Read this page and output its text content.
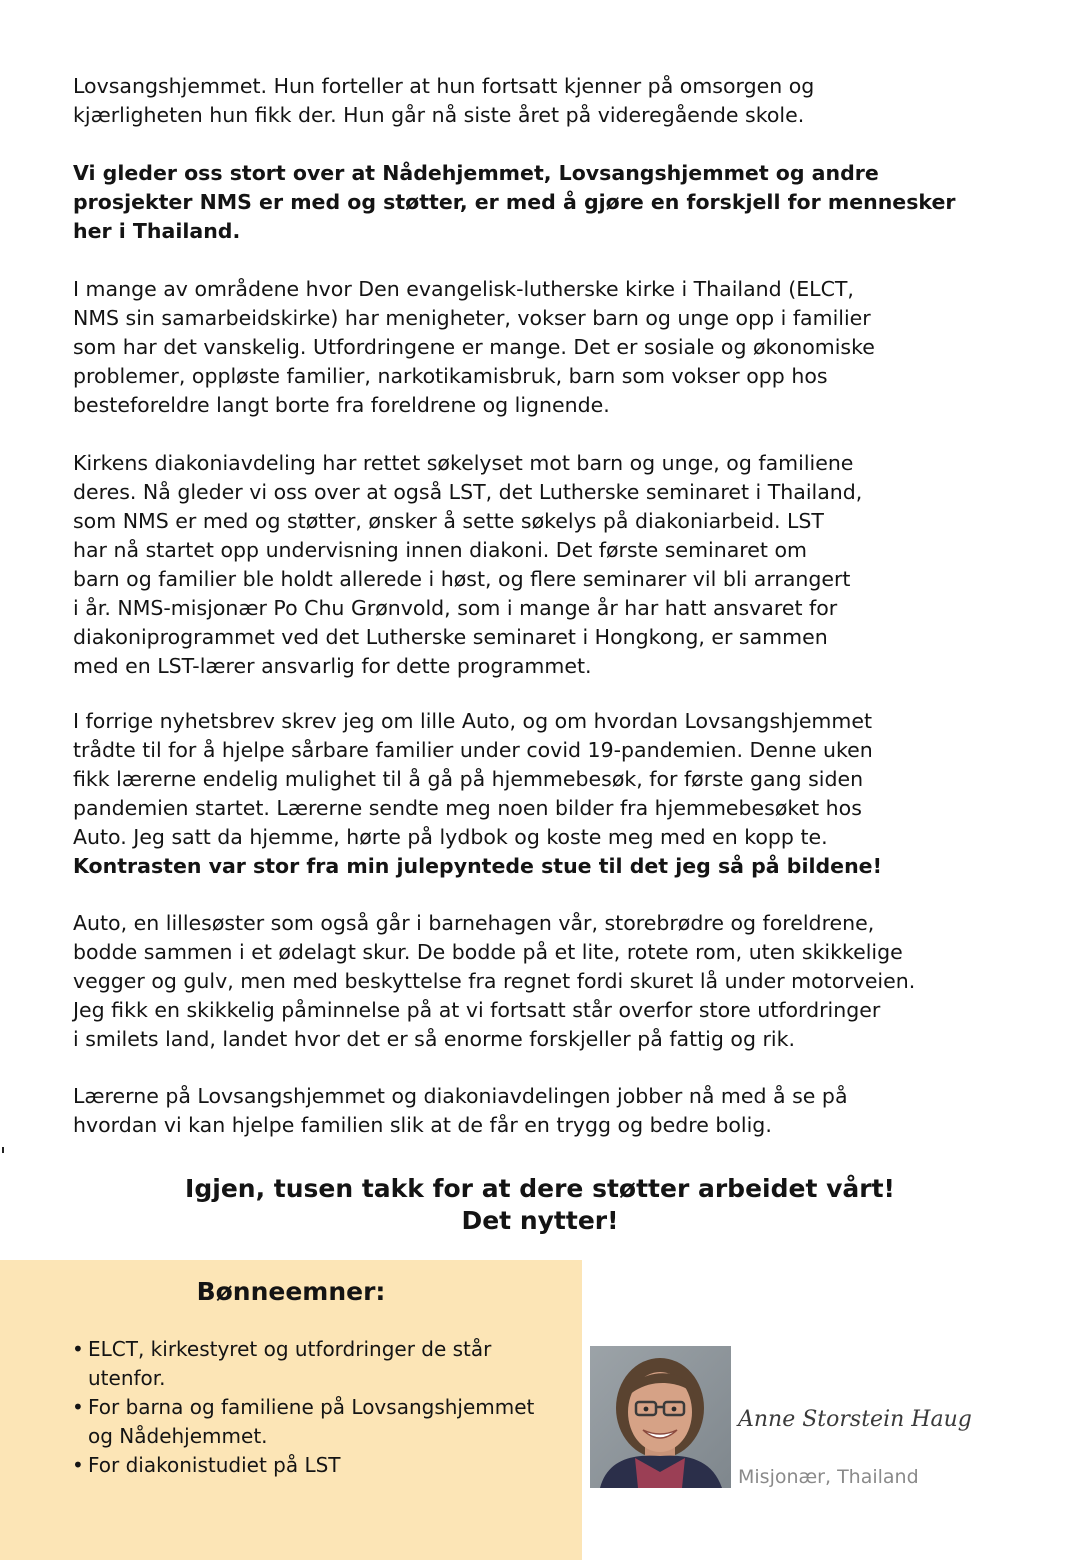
Lovsangshjemmet. Hun forteller at hun fortsatt kjenner på omsorgen og
kjærligheten hun fikk der. Hun går nå siste året på videregående skole.

Vi gleder oss stort over at Nådehjemmet, Lovsangshjemmet og andre
prosjekter NMS er med og støtter, er med å gjøre en forskjell for mennesker
her i Thailand.

I mange av områdene hvor Den evangelisk-lutherske kirke i Thailand (ELCT,
NMS sin samarbeidskirke) har menigheter, vokser barn og unge opp i familier
som har det vanskelig. Utfordringene er mange. Det er sosiale og økonomiske
problemer, oppløste familier, narkotikamisbruk, barn som vokser opp hos
besteforeldre langt borte fra foreldrene og lignende.

Kirkens diakoniavdeling har rettet søkelyset mot barn og unge, og familiene
deres. Nå gleder vi oss over at også LST, det Lutherske seminaret i Thailand,
som NMS er med og støtter, ønsker å sette søkelys på diakoniarbeid. LST
har nå startet opp undervisning innen diakoni. Det første seminaret om
barn og familier ble holdt allerede i høst, og flere seminarer vil bli arrangert
i år. NMS-misjonær Po Chu Grønvold, som i mange år har hatt ansvaret for
diakoniprogrammet ved det Lutherske seminaret i Hongkong, er sammen
med en LST-lærer ansvarlig for dette programmet.

I forrige nyhetsbrev skrev jeg om lille Auto, og om hvordan Lovsangshjemmet
trådte til for å hjelpe sårbare familier under covid 19-pandemien. Denne uken
fikk lærerne endelig mulighet til å gå på hjemmebesøk, for første gang siden
pandemien startet. Lærerne sendte meg noen bilder fra hjemmebesøket hos
Auto. Jeg satt da hjemme, hørte på lydbok og koste meg med en kopp te.

Kontrasten var stor fra min julepyntede stue til det jeg så på bildene!

Auto, en lillesøster som også går i barnehagen vår, storebrødre og foreldrene,
bodde sammen i et ødelagt skur. De bodde på et lite, rotete rom, uten skikkelige
vegger og gulv, men med beskyttelse fra regnet fordi skuret lå under motorveien.
Jeg fikk en skikkelig påminnelse på at vi fortsatt står overfor store utfordringer
i smilets land, landet hvor det er så enorme forskjeller på fattig og rik.

Lærerne på Lovsangshjemmet og diakoniavdelingen jobber nå med å se på
hvordan vi kan hjelpe familien slik at de får en trygg og bedre bolig.

Igjen, tusen takk for at dere støtter arbeidet vårt!

Det nytter!

Bønneemner:

• ELCT, kirkestyret og utfordringer de står
utenfor.
• For barna og familiene på Lovsangshjemmet
og Nådehjemmet.
• For diakonistudiet på LST

Anne Storstein Haug

Misjonær, Thailand
